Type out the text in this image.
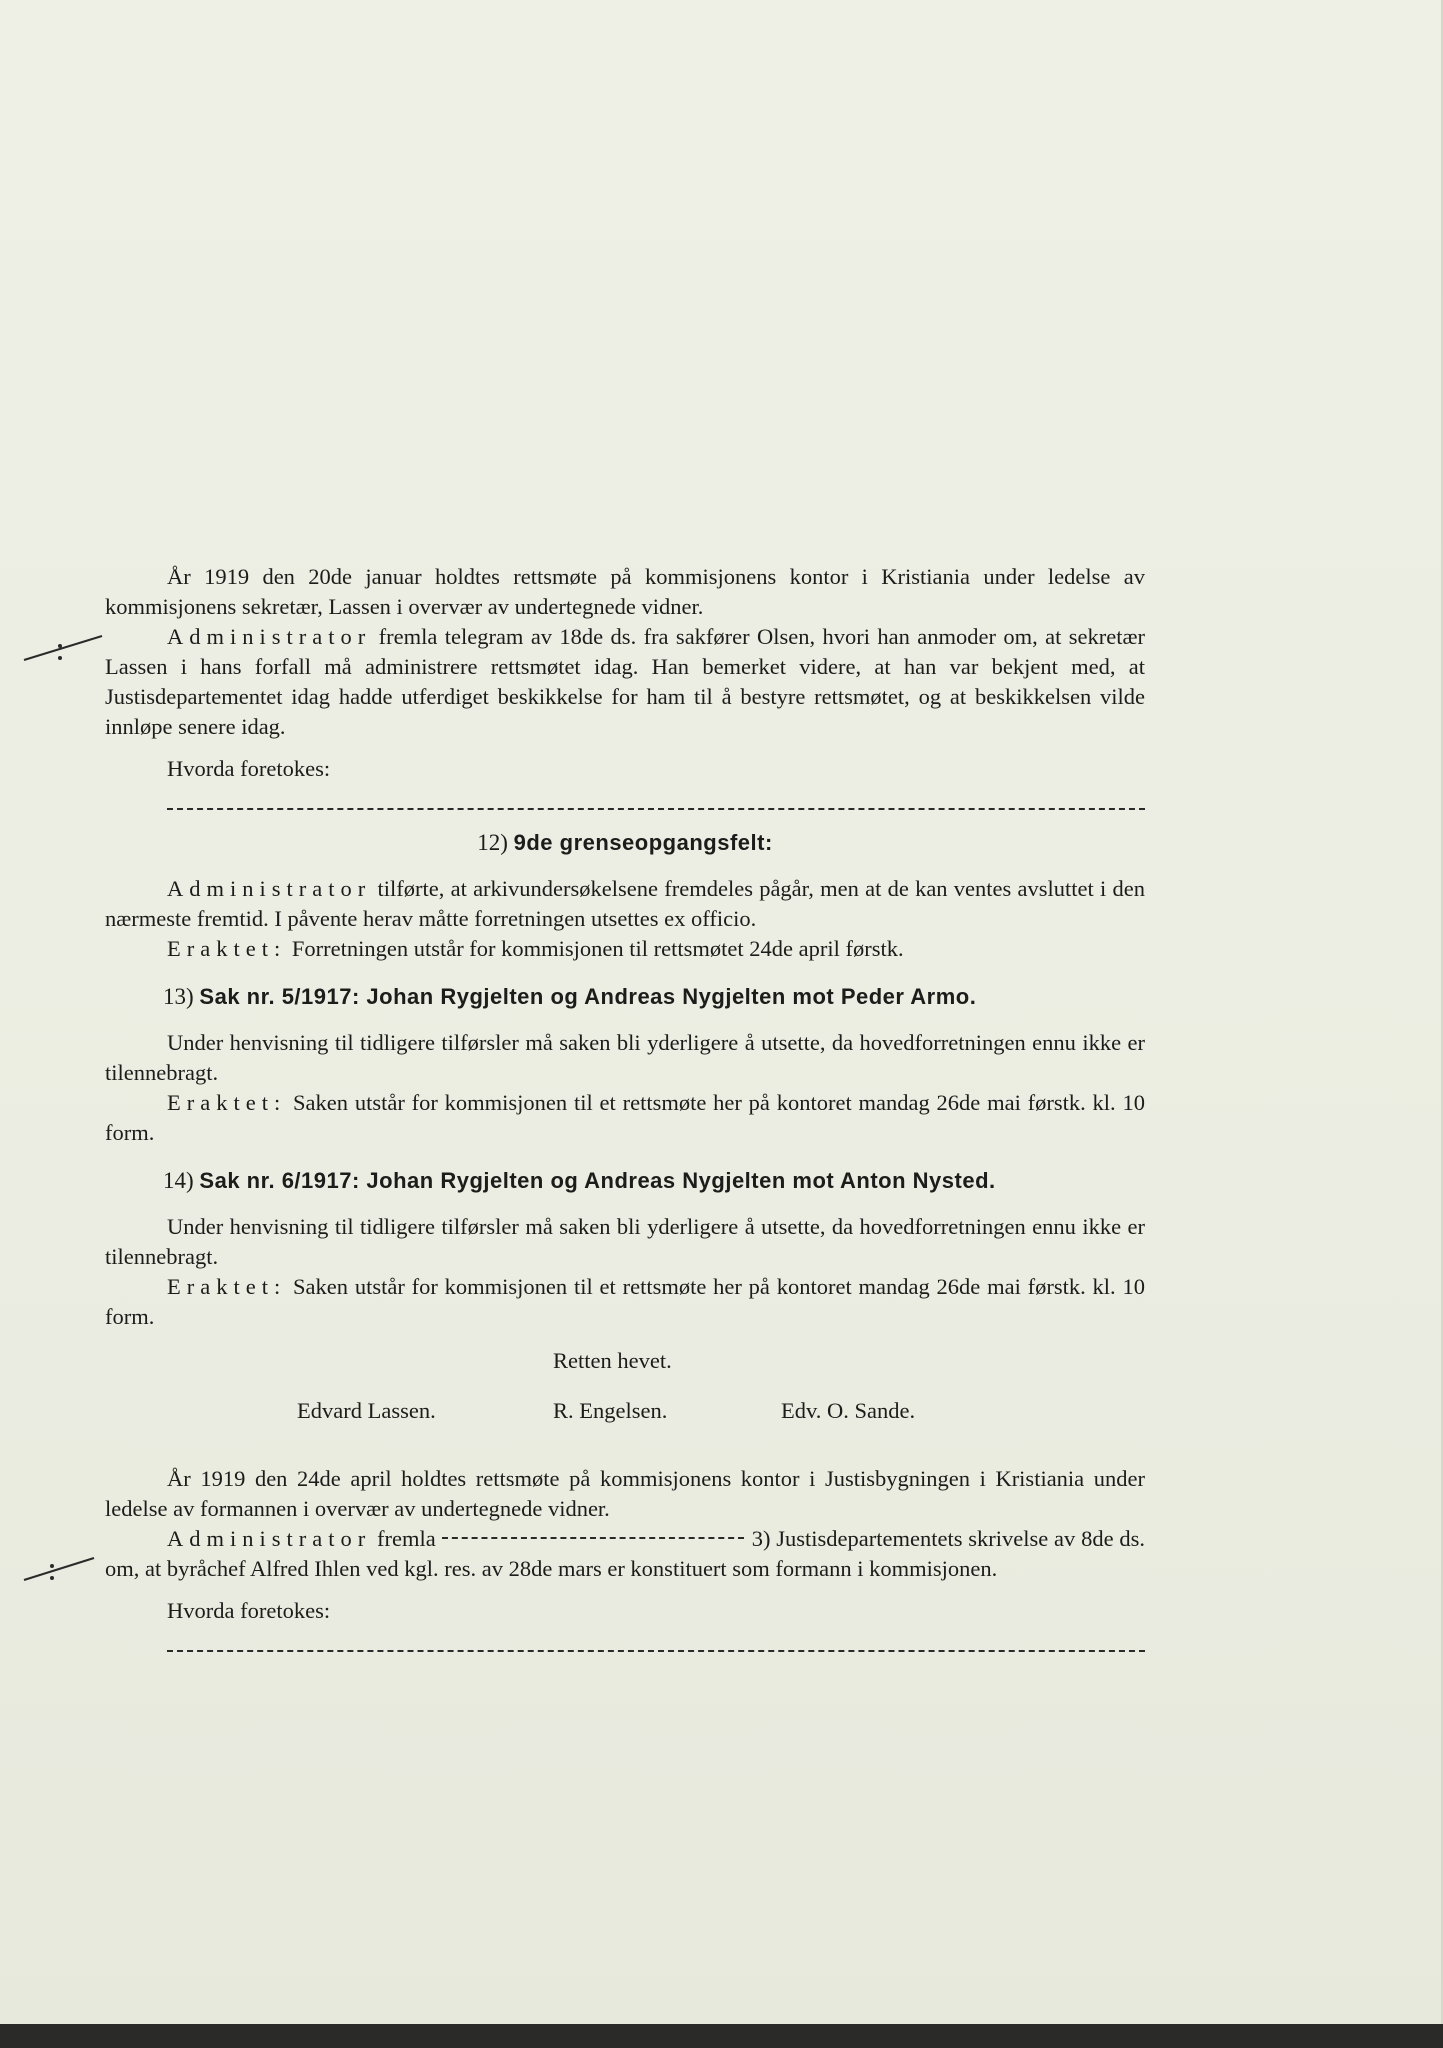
År 1919 den 20de januar holdtes rettsmøte på kommisjonens kontor i Kristiania under ledelse av kommisjonens sekretær, Lassen i overvær av undertegnede vidner.

Administrator fremla telegram av 18de ds. fra sakfører Olsen, hvori han anmoder om, at sekretær Lassen i hans forfall må administrere rettsmøtet idag. Han bemerket videre, at han var bekjent med, at Justisdepartementet idag hadde utferdiget beskikkelse for ham til å bestyre rettsmøtet, og at beskikkelsen vilde innløpe senere idag.

Hvorda foretokes:

12) 9de grenseopgangsfelt:

Administrator tilførte, at arkivundersøkelsene fremdeles pågår, men at de kan ventes avsluttet i den nærmeste fremtid. I påvente herav måtte forretningen utsettes ex officio.

Eraktet: Forretningen utstår for kommisjonen til rettsmøtet 24de april førstk.

13) Sak nr. 5/1917: Johan Rygjelten og Andreas Nygjelten mot Peder Armo.

Under henvisning til tidligere tilførsler må saken bli yderligere å utsette, da hovedforretningen ennu ikke er tilennebragt.

Eraktet: Saken utstår for kommisjonen til et rettsmøte her på kontoret mandag 26de mai førstk. kl. 10 form.

14) Sak nr. 6/1917: Johan Rygjelten og Andreas Nygjelten mot Anton Nysted.

Under henvisning til tidligere tilførsler må saken bli yderligere å utsette, da hovedforretningen ennu ikke er tilennebragt.

Eraktet: Saken utstår for kommisjonen til et rettsmøte her på kontoret mandag 26de mai førstk. kl. 10 form.

Retten hevet.

Edvard Lassen.	R. Engelsen.	Edv. O. Sande.

År 1919 den 24de april holdtes rettsmøte på kommisjonens kontor i Justisbygningen i Kristiania under ledelse av formannen i overvær av undertegnede vidner.

Administrator fremla	3) Justisdepartementets skrivelse av 8de ds. om, at byråchef Alfred Ihlen ved kgl. res. av 28de mars er konstituert som formann i kommisjonen.

Hvorda foretokes:
